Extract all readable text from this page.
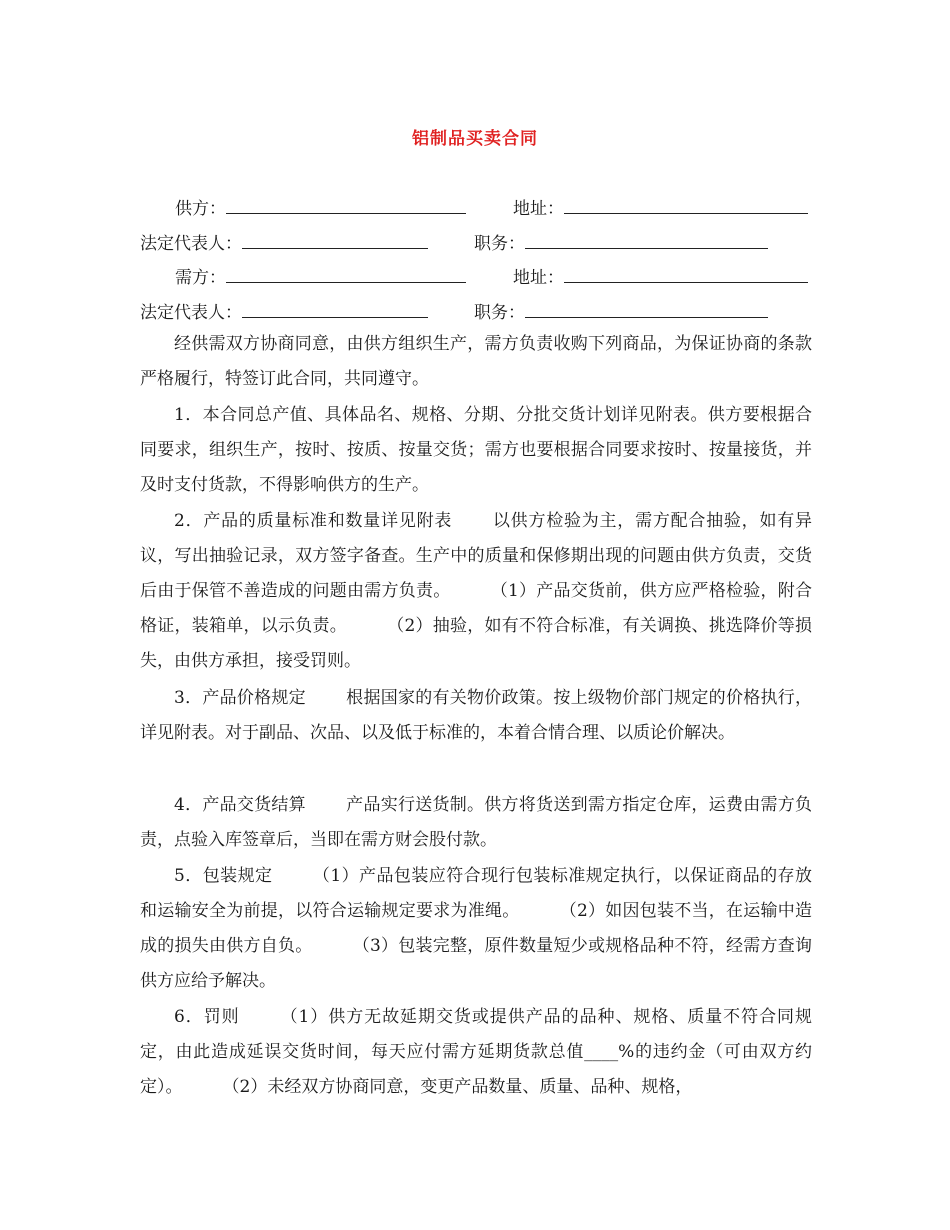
铝制品买卖合同
供方：	地址：
法定代表人：	职务：
需方：	地址：
法定代表人：	职务：

经供需双方协商同意，由供方组织生产，需方负责收购下列商品，为保证协商的条款严格履行，特签订此合同，共同遵守。

1．本合同总产值、具体品名、规格、分期、分批交货计划详见附表。供方要根据合同要求，组织生产，按时、按质、按量交货；需方也要根据合同要求按时、按量接货，并及时支付货款，不得影响供方的生产。

2．产品的质量标准和数量详见附表 以供方检验为主，需方配合抽验，如有异议，写出抽验记录，双方签字备查。生产中的质量和保修期出现的问题由供方负责，交货后由于保管不善造成的问题由需方负责。 （1）产品交货前，供方应严格检验，附合格证，装箱单，以示负责。 （2）抽验，如有不符合标准，有关调换、挑选降价等损失，由供方承担，接受罚则。

3．产品价格规定 根据国家的有关物价政策。按上级物价部门规定的价格执行，详见附表。对于副品、次品、以及低于标准的，本着合情合理、以质论价解决。

4．产品交货结算 产品实行送货制。供方将货送到需方指定仓库，运费由需方负责，点验入库签章后，当即在需方财会股付款。

5．包装规定 （1）产品包装应符合现行包装标准规定执行，以保证商品的存放和运输安全为前提，以符合运输规定要求为准绳。 （2）如因包装不当，在运输中造成的损失由供方自负。 （3）包装完整，原件数量短少或规格品种不符，经需方查询供方应给予解决。

6．罚则 （1）供方无故延期交货或提供产品的品种、规格、质量不符合同规定，由此造成延误交货时间，每天应付需方延期货款总值____%的违约金（可由双方约定）。 （2）未经双方协商同意，变更产品数量、质量、品种、规格，
